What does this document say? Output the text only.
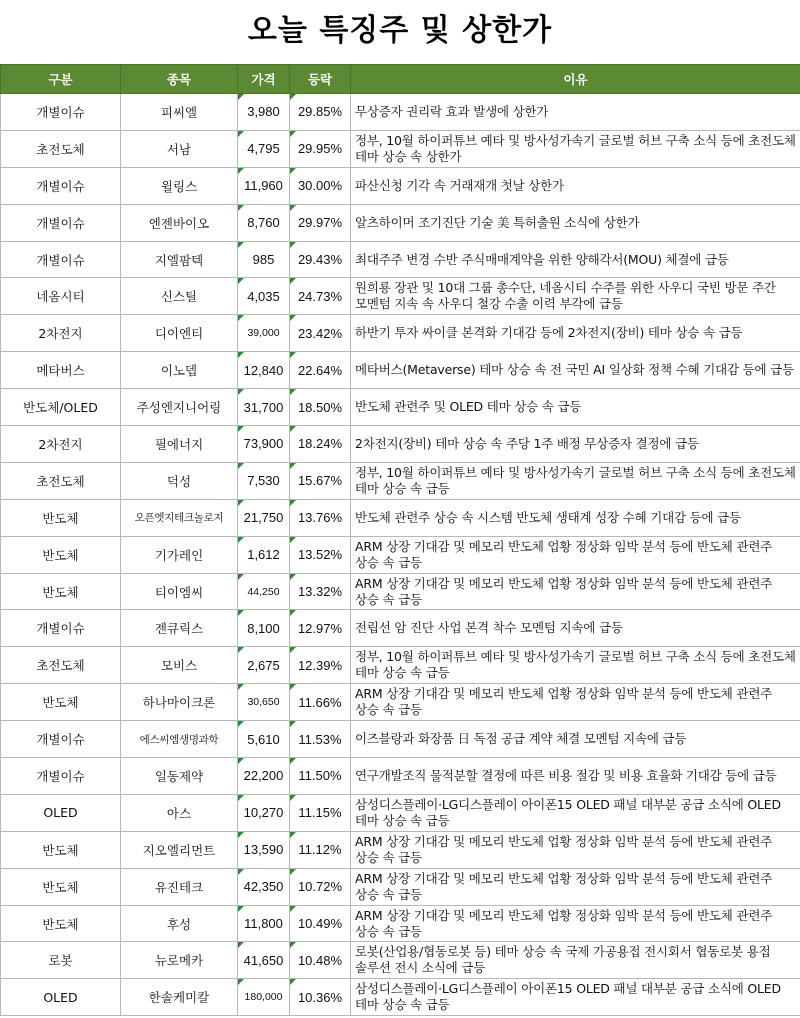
오늘 특징주 및 상한가
구분	종목	가격	등락	이유
개별이슈	피씨엘	3,980	29.85%	무상증자 권리락 효과 발생에 상한가
초전도체	서남	4,795	29.95%	정부, 10월 하이퍼튜브 예타 및 방사성가속기 글로벌 허브 구축 소식 등에 초전도체 테마 상승 속 상한가
개별이슈	윌링스	11,960	30.00%	파산신청 기각 속 거래재개 첫날 상한가
개별이슈	엔젠바이오	8,760	29.97%	알츠하이머 조기진단 기술 美 특허출원 소식에 상한가
개별이슈	지엘팜텍	985	29.43%	최대주주 변경 수반 주식매매계약을 위한 양해각서(MOU) 체결에 급등
네옴시티	신스틸	4,035	24.73%	원희룡 장관 및 10대 그룹 총수단, 네옴시티 수주를 위한 사우디 국빈 방문 주간 모멘텀 지속 속 사우디 철강 수출 이력 부각에 급등
2차전지	디이엔티	39,000	23.42%	하반기 투자 싸이클 본격화 기대감 등에 2차전지(장비) 테마 상승 속 급등
메타버스	이노뎁	12,840	22.64%	메타버스(Metaverse) 테마 상승 속 전 국민 AI 일상화 정책 수혜 기대감 등에 급등
반도체/OLED	주성엔지니어링	31,700	18.50%	반도체 관련주 및 OLED 테마 상승 속 급등
2차전지	필에너지	73,900	18.24%	2차전지(장비) 테마 상승 속 주당 1주 배정 무상증자 결정에 급등
초전도체	덕성	7,530	15.67%	정부, 10월 하이퍼튜브 예타 및 방사성가속기 글로벌 허브 구축 소식 등에 초전도체 테마 상승 속 급등
반도체	오픈엣지테크놀로지	21,750	13.76%	반도체 관련주 상승 속 시스템 반도체 생태계 성장 수혜 기대감 등에 급등
반도체	기가레인	1,612	13.52%	ARM 상장 기대감 및 메모리 반도체 업황 정상화 임박 분석 등에 반도체 관련주 상승 속 급등
반도체	티이엠씨	44,250	13.32%	ARM 상장 기대감 및 메모리 반도체 업황 정상화 임박 분석 등에 반도체 관련주 상승 속 급등
개별이슈	젠큐릭스	8,100	12.97%	전립선 암 진단 사업 본격 착수 모멘텀 지속에 급등
초전도체	모비스	2,675	12.39%	정부, 10월 하이퍼튜브 예타 및 방사성가속기 글로벌 허브 구축 소식 등에 초전도체 테마 상승 속 급등
반도체	하나마이크론	30,650	11.66%	ARM 상장 기대감 및 메모리 반도체 업황 정상화 임박 분석 등에 반도체 관련주 상승 속 급등
개별이슈	에스씨엠생명과학	5,610	11.53%	이즈블랑과 화장품 日 독점 공급 계약 체결 모멘텀 지속에 급등
개별이슈	일동제약	22,200	11.50%	연구개발조직 물적분할 결정에 따른 비용 절감 및 비용 효율화 기대감 등에 급등
OLED	아스	10,270	11.15%	삼성디스플레이·LG디스플레이 아이폰15 OLED 패널 대부분 공급 소식에 OLED 테마 상승 속 급등
반도체	지오엘리먼트	13,590	11.12%	ARM 상장 기대감 및 메모리 반도체 업황 정상화 임박 분석 등에 반도체 관련주 상승 속 급등
반도체	유진테크	42,350	10.72%	ARM 상장 기대감 및 메모리 반도체 업황 정상화 임박 분석 등에 반도체 관련주 상승 속 급등
반도체	후성	11,800	10.49%	ARM 상장 기대감 및 메모리 반도체 업황 정상화 임박 분석 등에 반도체 관련주 상승 속 급등
로봇	뉴로메카	41,650	10.48%	로봇(산업용/협동로봇 등) 테마 상승 속 국제 가공용접 전시회서 협동로봇 용접 솔루션 전시 소식에 급등
OLED	한솔케미칼	180,000	10.36%	삼성디스플레이·LG디스플레이 아이폰15 OLED 패널 대부분 공급 소식에 OLED 테마 상승 속 급등
